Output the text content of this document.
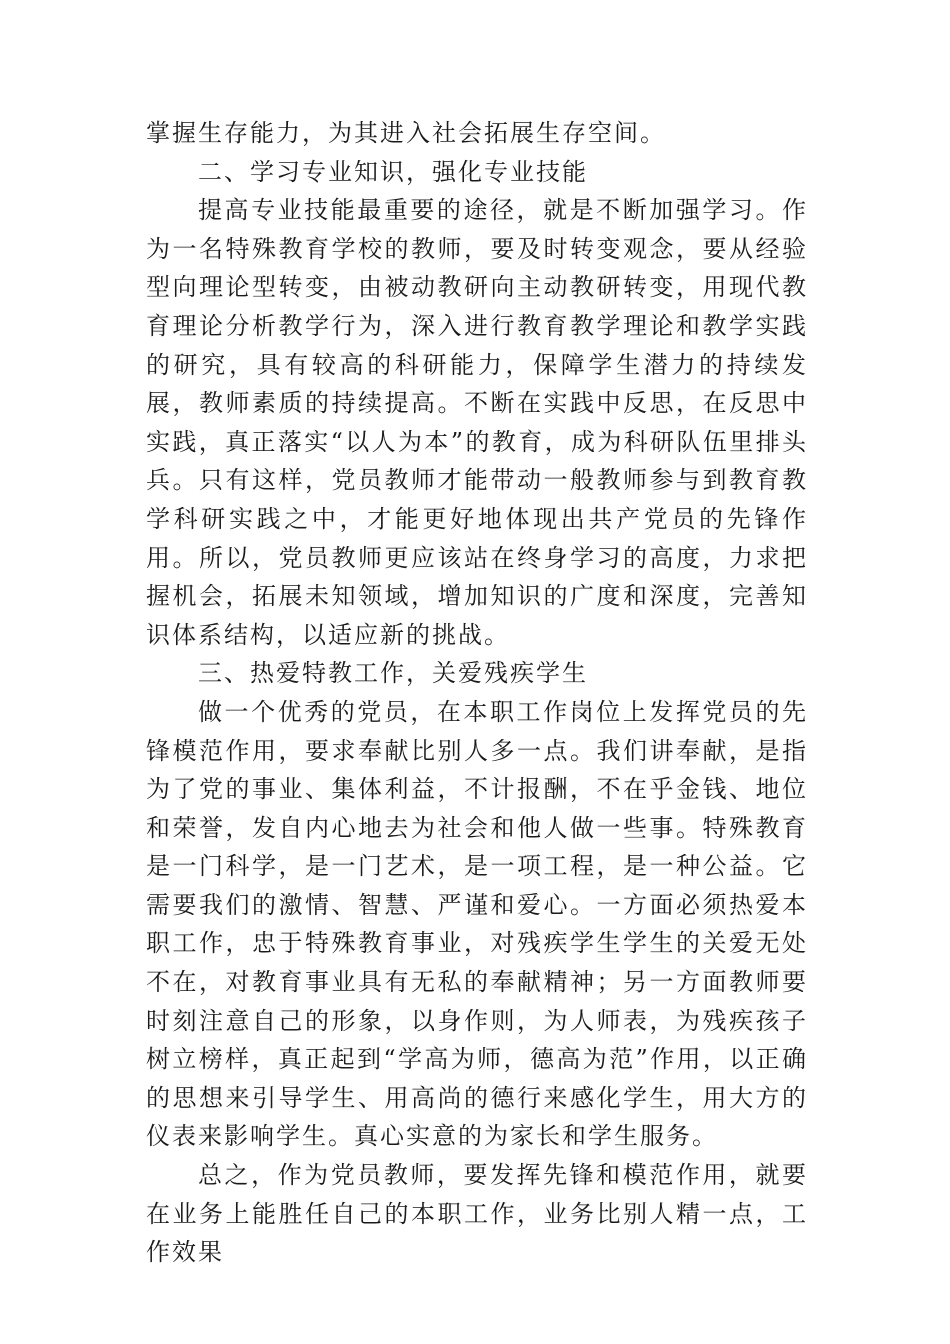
掌握生存能力，为其进入社会拓展生存空间。

二、学习专业知识，强化专业技能

提高专业技能最重要的途径，就是不断加强学习。作为一名特殊教育学校的教师，要及时转变观念，要从经验型向理论型转变，由被动教研向主动教研转变，用现代教育理论分析教学行为，深入进行教育教学理论和教学实践的研究，具有较高的科研能力，保障学生潜力的持续发展，教师素质的持续提高。不断在实践中反思，在反思中实践，真正落实“以人为本”的教育，成为科研队伍里排头兵。只有这样，党员教师才能带动一般教师参与到教育教学科研实践之中，才能更好地体现出共产党员的先锋作用。所以，党员教师更应该站在终身学习的高度，力求把握机会，拓展未知领域，增加知识的广度和深度，完善知识体系结构，以适应新的挑战。

三、热爱特教工作，关爱残疾学生

做一个优秀的党员，在本职工作岗位上发挥党员的先锋模范作用，要求奉献比别人多一点。我们讲奉献，是指为了党的事业、集体利益，不计报酬，不在乎金钱、地位和荣誉，发自内心地去为社会和他人做一些事。特殊教育是一门科学，是一门艺术，是一项工程，是一种公益。它需要我们的激情、智慧、严谨和爱心。一方面必须热爱本职工作，忠于特殊教育事业，对残疾学生学生的关爱无处不在，对教育事业具有无私的奉献精神；另一方面教师要时刻注意自己的形象，以身作则，为人师表，为残疾孩子树立榜样，真正起到“学高为师，德高为范”作用，以正确的思想来引导学生、用高尚的德行来感化学生，用大方的仪表来影响学生。真心实意的为家长和学生服务。

总之，作为党员教师，要发挥先锋和模范作用，就要在业务上能胜任自己的本职工作，业务比别人精一点，工作效果
